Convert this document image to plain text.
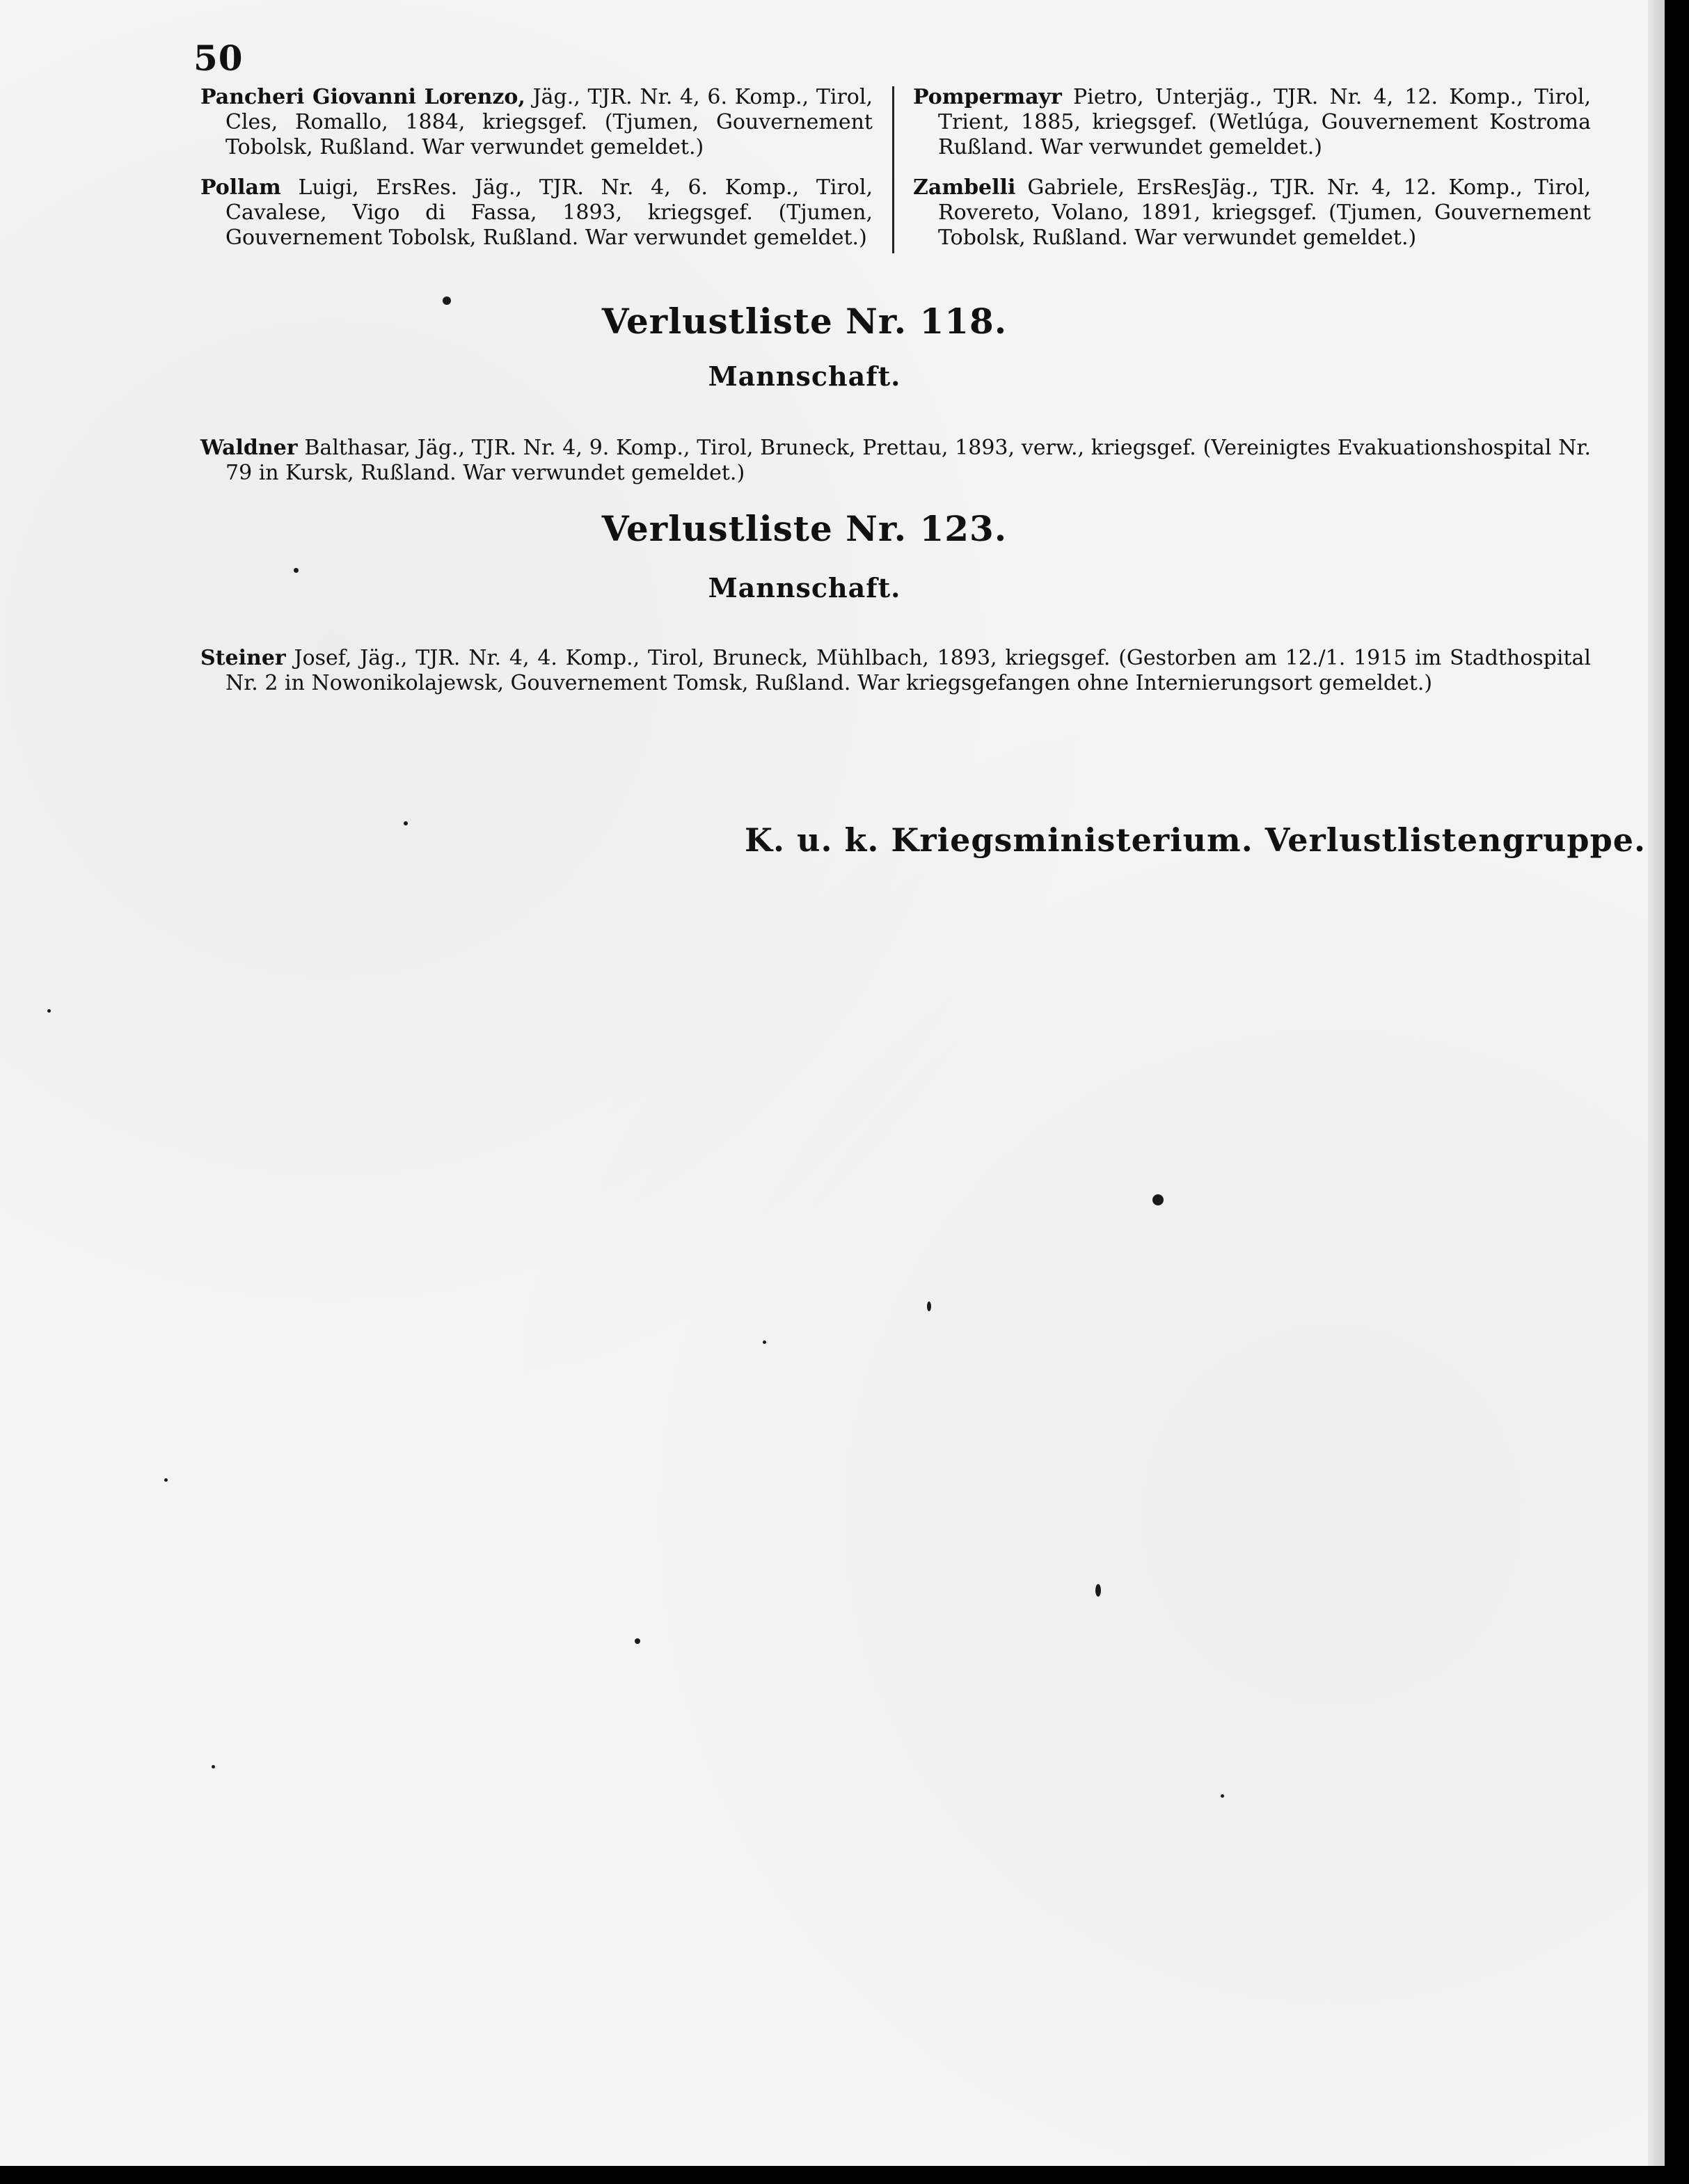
50

Pancheri Giovanni Lorenzo, Jäg., TJR. Nr. 4, 6. Komp., Tirol, Cles, Romallo, 1884, kriegsgef. (Tjumen, Gouvernement Tobolsk, Rußland. War verwundet gemeldet.)

Pollam Luigi, ErsRes. Jäg., TJR. Nr. 4, 6. Komp., Tirol, Cavalese, Vigo di Fassa, 1893, kriegsgef. (Tjumen, Gouvernement Tobolsk, Rußland. War verwundet gemeldet.)

Pompermayr Pietro, Unterjäg., TJR. Nr. 4, 12. Komp., Tirol, Trient, 1885, kriegsgef. (Wetlúga, Gouvernement Kostroma Rußland. War verwundet gemeldet.)

Zambelli Gabriele, ErsResJäg., TJR. Nr. 4, 12. Komp., Tirol, Rovereto, Volano, 1891, kriegsgef. (Tjumen, Gouvernement Tobolsk, Rußland. War verwundet gemeldet.)

Verlustliste Nr. 118.
Mannschaft.

Waldner Balthasar, Jäg., TJR. Nr. 4, 9. Komp., Tirol, Bruneck, Prettau, 1893, verw., kriegsgef. (Vereinigtes Evakuationshospital Nr. 79 in Kursk, Rußland. War verwundet gemeldet.)

Verlustliste Nr. 123.
Mannschaft.

Steiner Josef, Jäg., TJR. Nr. 4, 4. Komp., Tirol, Bruneck, Mühlbach, 1893, kriegsgef. (Gestorben am 12./1. 1915 im Stadthospital Nr. 2 in Nowonikolajewsk, Gouvernement Tomsk, Rußland. War kriegsgefangen ohne Internierungsort gemeldet.)

K. u. k. Kriegsministerium. Verlustlistengruppe.
